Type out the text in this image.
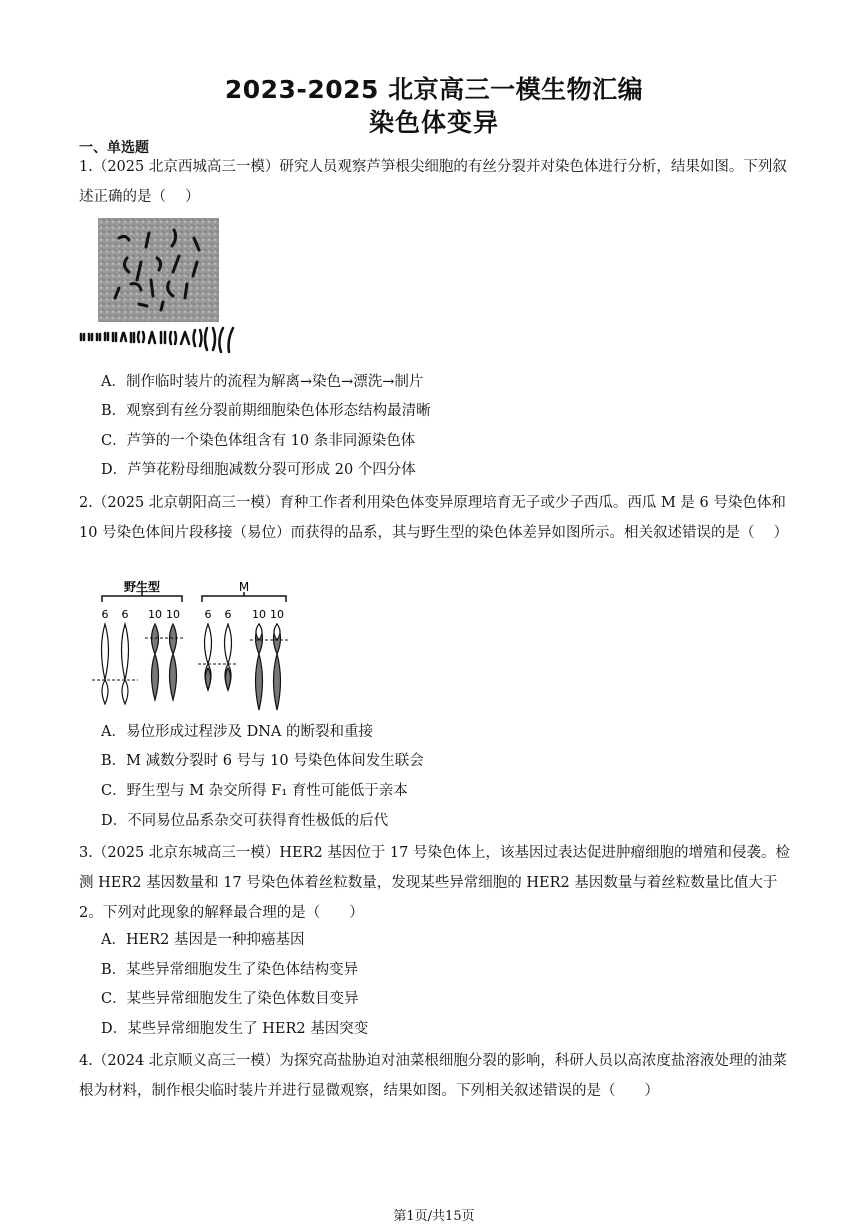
2023-2025 北京高三一模生物汇编
染色体变异
一、单选题
1.（2025 北京西城高三一模）研究人员观察芦笋根尖细胞的有丝分裂并对染色体进行分析，结果如图。下列叙述正确的是（　 ）
A．制作临时装片的流程为解离→染色→漂洗→制片
B．观察到有丝分裂前期细胞染色体形态结构最清晰
C．芦笋的一个染色体组含有 10 条非同源染色体
D．芦笋花粉母细胞减数分裂可形成 20 个四分体
2.（2025 北京朝阳高三一模）育种工作者利用染色体变异原理培育无子或少子西瓜。西瓜 M 是 6 号染色体和 10 号染色体间片段移接（易位）而获得的品系，其与野生型的染色体差异如图所示。相关叙述错误的是（　 ）
野生型	M
6 6 10 10 6 6 10 10
A．易位形成过程涉及 DNA 的断裂和重接
B．M 减数分裂时 6 号与 10 号染色体间发生联会
C．野生型与 M 杂交所得 F₁ 育性可能低于亲本
D．不同易位品系杂交可获得育性极低的后代
3.（2025 北京东城高三一模）HER2 基因位于 17 号染色体上，该基因过表达促进肿瘤细胞的增殖和侵袭。检测 HER2 基因数量和 17 号染色体着丝粒数量，发现某些异常细胞的 HER2 基因数量与着丝粒数量比值大于 2。下列对此现象的解释最合理的是（　　）
A．HER2 基因是一种抑癌基因
B．某些异常细胞发生了染色体结构变异
C．某些异常细胞发生了染色体数目变异
D．某些异常细胞发生了 HER2 基因突变
4.（2024 北京顺义高三一模）为探究高盐胁迫对油菜根细胞分裂的影响，科研人员以高浓度盐溶液处理的油菜根为材料，制作根尖临时装片并进行显微观察，结果如图。下列相关叙述错误的是（　　）
第1页/共15页
